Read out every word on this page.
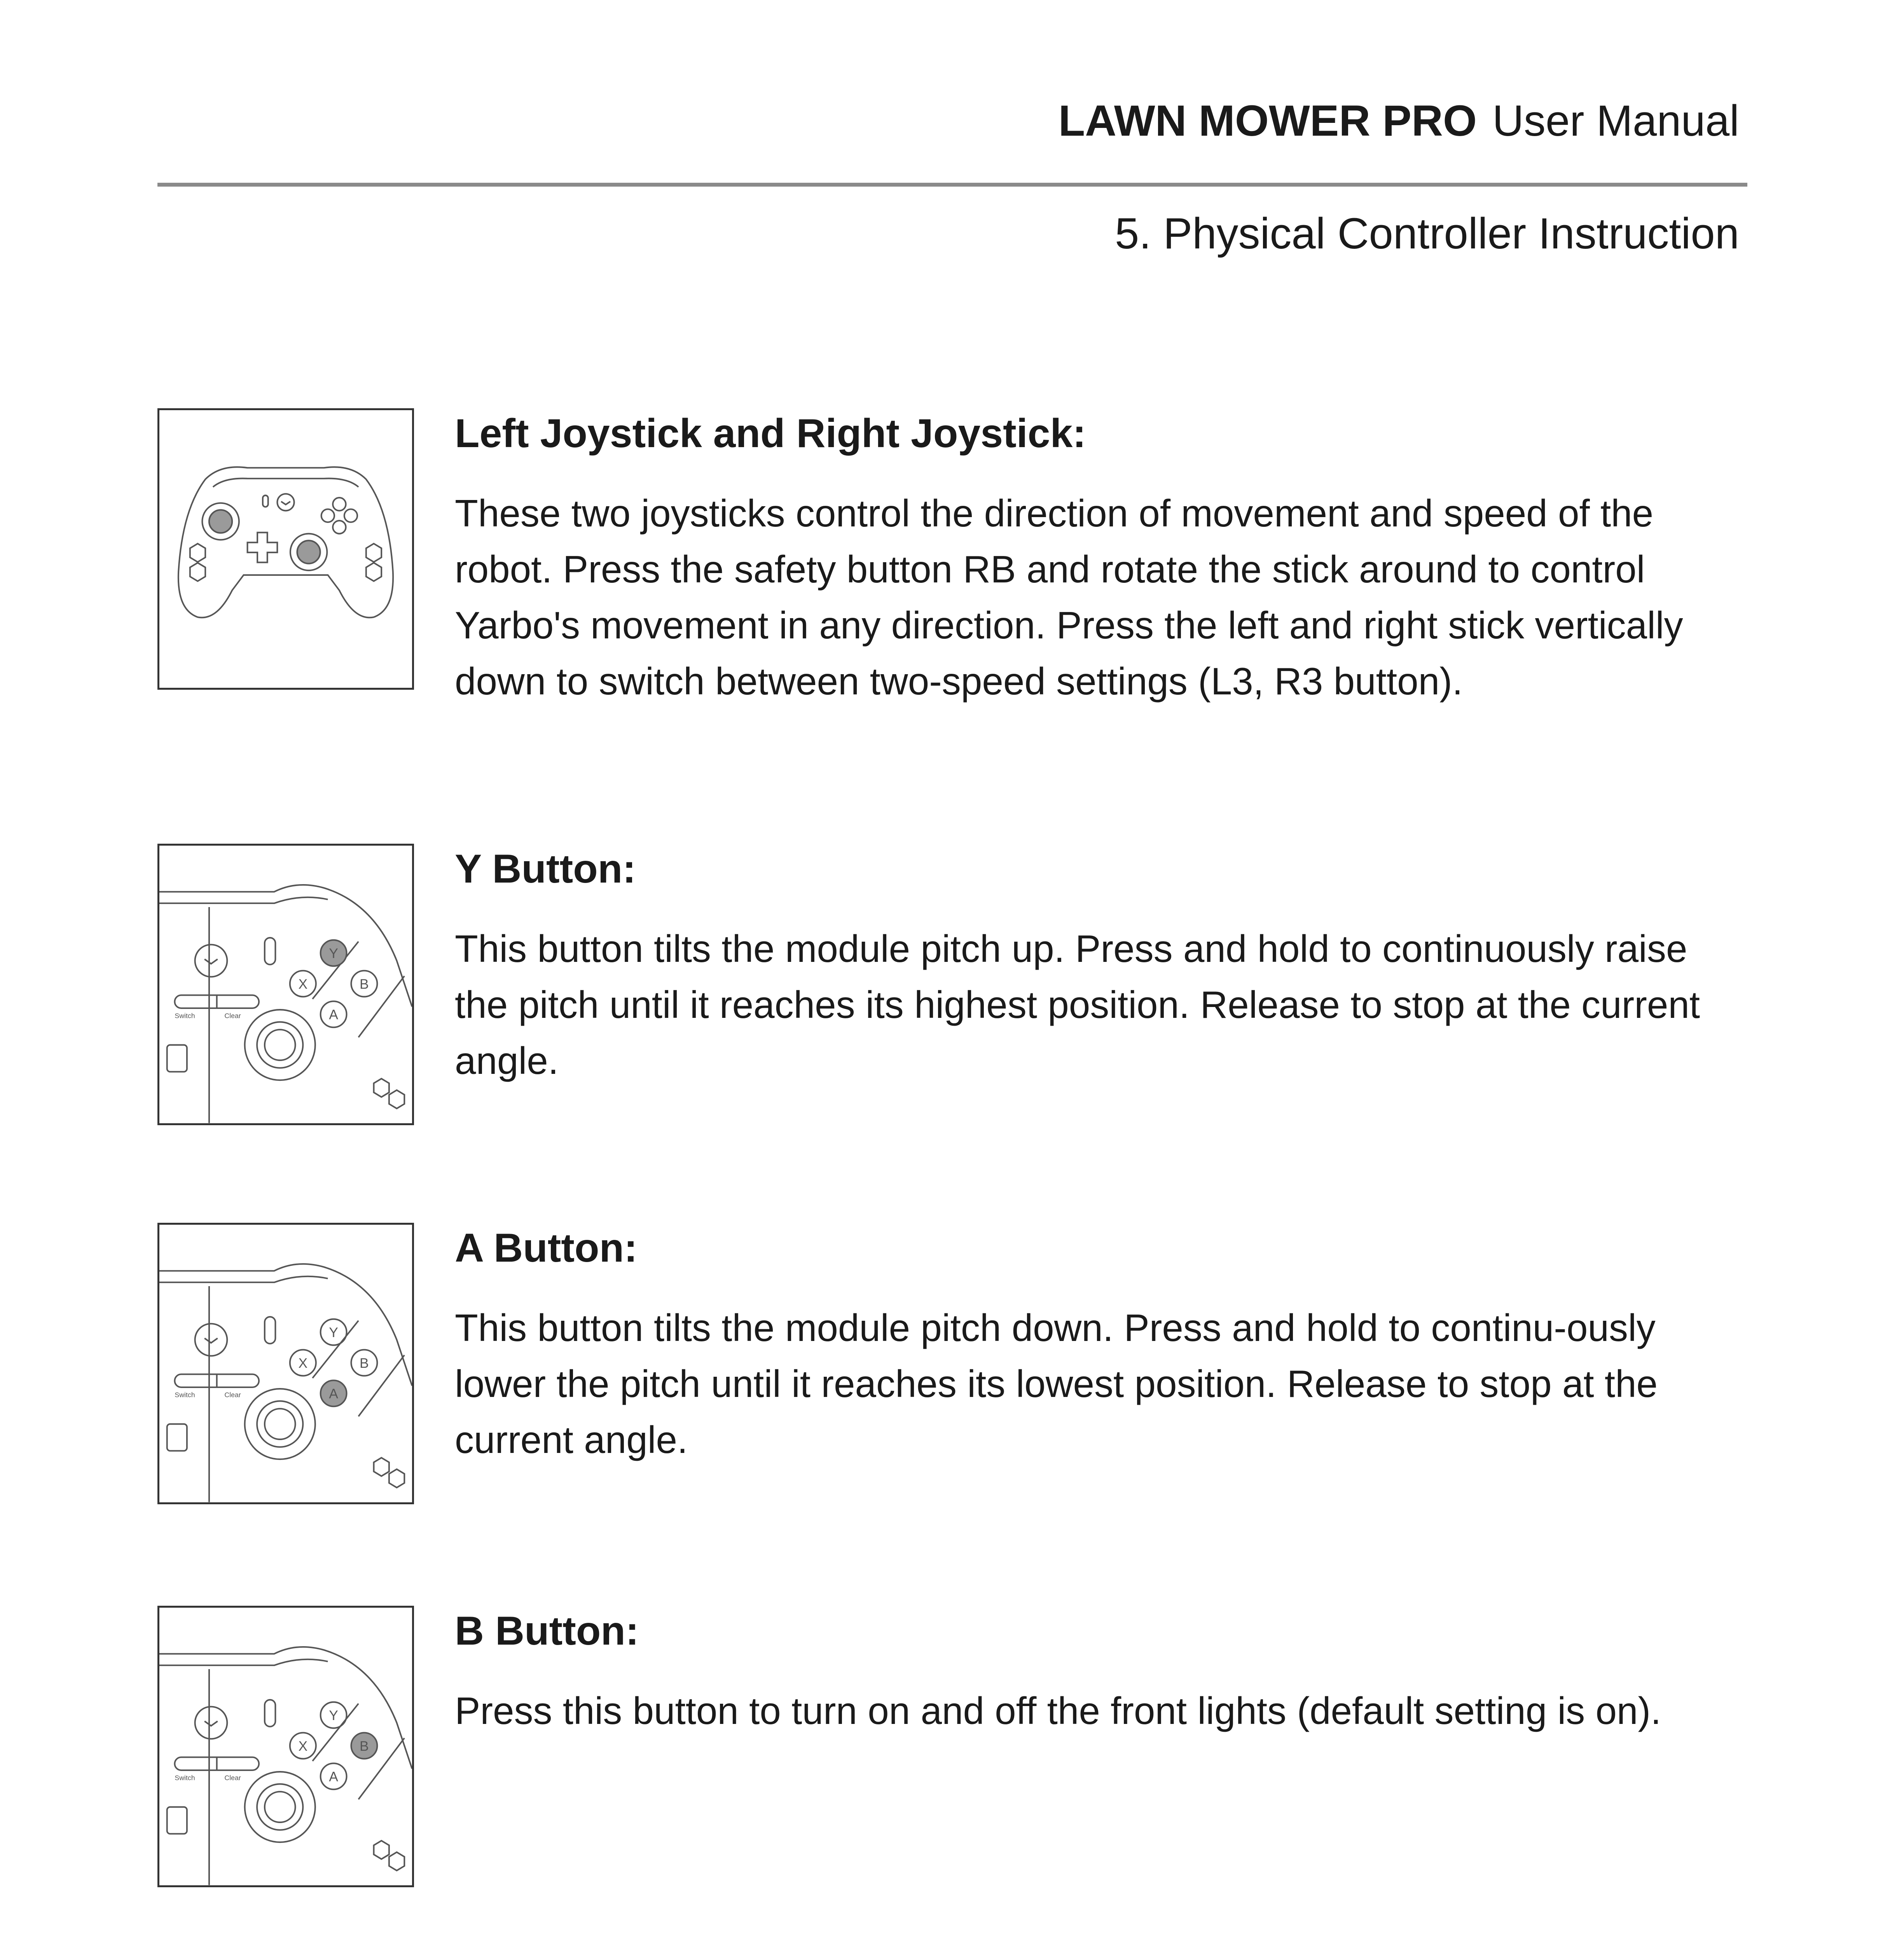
LAWN MOWER PRO User Manual
5. Physical Controller Instruction

Left Joystick and Right Joystick:

These two joysticks control the direction of movement and speed of the robot. Press the safety button RB and rotate the stick around to control Yarbo's movement in any direction. Press the left and right stick vertically down to switch between two-speed settings (L3, R3 button).

Y
X	B
A
Switch	Clear

Y Button:

This button tilts the module pitch up. Press and hold to continuously raise the pitch until it reaches its highest position. Release to stop at the current angle.

Y
X	B
A
Switch	Clear

A Button:

This button tilts the module pitch down. Press and hold to continu-ously lower the pitch until it reaches its lowest position. Release to stop at the current angle.

Y
X	B
A
Switch	Clear

B Button:

Press this button to turn on and off the front lights (default setting is on).
